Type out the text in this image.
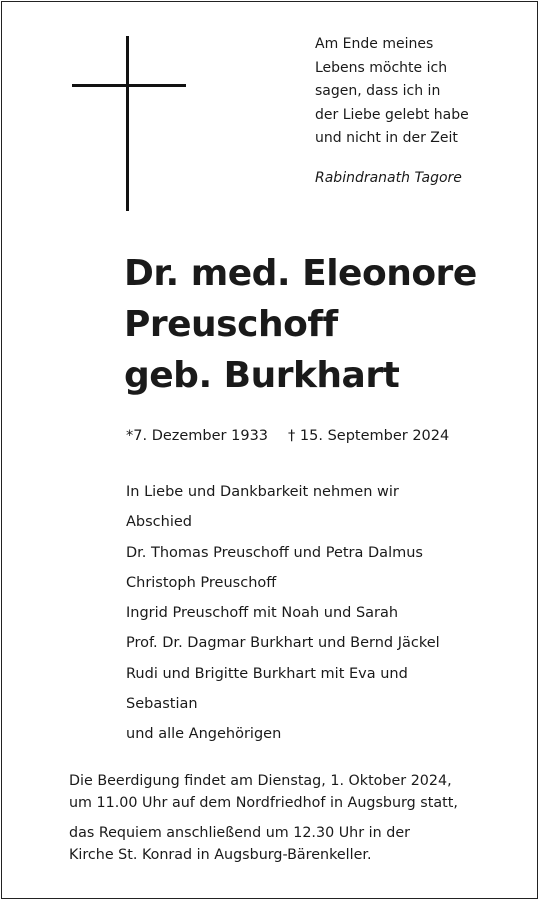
Am Ende meines
Lebens möchte ich
sagen, dass ich in
der Liebe gelebt habe
und nicht in der Zeit
Rabindranath Tagore
Dr. med. Eleonore
Preuschoff
geb. Burkhart
*7. Dezember 1933 † 15. September 2024
In Liebe und Dankbarkeit nehmen wir
Abschied
Dr. Thomas Preuschoff und Petra Dalmus
Christoph Preuschoff
Ingrid Preuschoff mit Noah und Sarah
Prof. Dr. Dagmar Burkhart und Bernd Jäckel
Rudi und Brigitte Burkhart mit Eva und
Sebastian
und alle Angehörigen
Die Beerdigung findet am Dienstag, 1. Oktober 2024,
um 11.00 Uhr auf dem Nordfriedhof in Augsburg statt,
das Requiem anschließend um 12.30 Uhr in der
Kirche St. Konrad in Augsburg-Bärenkeller.
